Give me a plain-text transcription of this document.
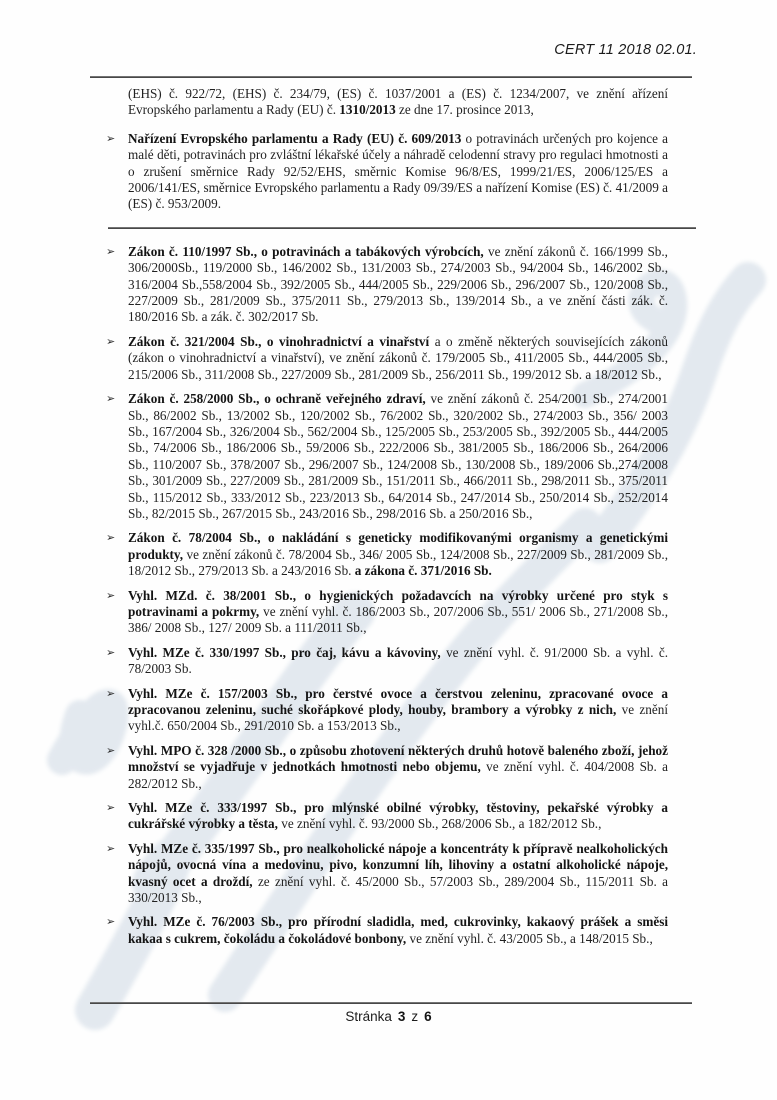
CERT 11 2018 02.01.

(EHS) č. 922/72, (EHS) č. 234/79, (ES) č. 1037/2001 a (ES) č. 1234/2007, ve znění ařízení Evropského parlamentu a Rady (EU) č. 1310/2013 ze dne 17. prosince 2013,

➢ Nařízení Evropského parlamentu a Rady (EU) č. 609/2013 o potravinách určených pro kojence a malé děti, potravinách pro zvláštní lékařské účely a náhradě celodenní stravy pro regulaci hmotnosti a o zrušení směrnice Rady 92/52/EHS, směrnic Komise 96/8/ES, 1999/21/ES, 2006/125/ES a 2006/141/ES, směrnice Evropského parlamentu a Rady 09/39/ES a nařízení Komise (ES) č. 41/2009 a (ES) č. 953/2009.
➢ Zákon č. 110/1997 Sb., o potravinách a tabákových výrobcích, ve znění zákonů č. 166/1999 Sb., 306/2000Sb., 119/2000 Sb., 146/2002 Sb., 131/2003 Sb., 274/2003 Sb., 94/2004 Sb., 146/2002 Sb., 316/2004 Sb.,558/2004 Sb., 392/2005 Sb., 444/2005 Sb., 229/2006 Sb., 296/2007 Sb., 120/2008 Sb., 227/2009 Sb., 281/2009 Sb., 375/2011 Sb., 279/2013 Sb., 139/2014 Sb., a ve znění části zák. č. 180/2016 Sb. a zák. č. 302/2017 Sb.
➢ Zákon č. 321/2004 Sb., o vinohradnictví a vinařství a o změně některých souvisejících zákonů (zákon o vinohradnictví a vinařství), ve znění zákonů č. 179/2005 Sb., 411/2005 Sb., 444/2005 Sb., 215/2006 Sb., 311/2008 Sb., 227/2009 Sb., 281/2009 Sb., 256/2011 Sb., 199/2012 Sb. a 18/2012 Sb.,
➢ Zákon č. 258/2000 Sb., o ochraně veřejného zdraví, ve znění zákonů č. 254/2001 Sb., 274/2001 Sb., 86/2002 Sb., 13/2002 Sb., 120/2002 Sb., 76/2002 Sb., 320/2002 Sb., 274/2003 Sb., 356/ 2003 Sb., 167/2004 Sb., 326/2004 Sb., 562/2004 Sb., 125/2005 Sb., 253/2005 Sb., 392/2005 Sb., 444/2005 Sb., 74/2006 Sb., 186/2006 Sb., 59/2006 Sb., 222/2006 Sb., 381/2005 Sb., 186/2006 Sb., 264/2006 Sb., 110/2007 Sb., 378/2007 Sb., 296/2007 Sb., 124/2008 Sb., 130/2008 Sb., 189/2006 Sb.,274/2008 Sb., 301/2009 Sb., 227/2009 Sb., 281/2009 Sb., 151/2011 Sb., 466/2011 Sb., 298/2011 Sb., 375/2011 Sb., 115/2012 Sb., 333/2012 Sb., 223/2013 Sb., 64/2014 Sb., 247/2014 Sb., 250/2014 Sb., 252/2014 Sb., 82/2015 Sb., 267/2015 Sb., 243/2016 Sb., 298/2016 Sb. a 250/2016 Sb.,
➢ Zákon č. 78/2004 Sb., o nakládání s geneticky modifikovanými organismy a genetickými produkty, ve znění zákonů č. 78/2004 Sb., 346/ 2005 Sb., 124/2008 Sb., 227/2009 Sb., 281/2009 Sb., 18/2012 Sb., 279/2013 Sb. a 243/2016 Sb. a zákona č. 371/2016 Sb.
➢ Vyhl. MZd. č. 38/2001 Sb., o hygienických požadavcích na výrobky určené pro styk s potravinami a pokrmy, ve znění vyhl. č. 186/2003 Sb., 207/2006 Sb., 551/ 2006 Sb., 271/2008 Sb., 386/ 2008 Sb., 127/ 2009 Sb. a 111/2011 Sb.,
➢ Vyhl. MZe č. 330/1997 Sb., pro čaj, kávu a kávoviny, ve znění vyhl. č. 91/2000 Sb. a vyhl. č. 78/2003 Sb.
➢ Vyhl. MZe č. 157/2003 Sb., pro čerstvé ovoce a čerstvou zeleninu, zpracované ovoce a zpracovanou zeleninu, suché skořápkové plody, houby, brambory a výrobky z nich, ve znění vyhl.č. 650/2004 Sb., 291/2010 Sb. a 153/2013 Sb.,
➢ Vyhl. MPO č. 328 /2000 Sb., o způsobu zhotovení některých druhů hotově baleného zboží, jehož množství se vyjadřuje v jednotkách hmotnosti nebo objemu, ve znění vyhl. č. 404/2008 Sb. a 282/2012 Sb.,
➢ Vyhl. MZe č. 333/1997 Sb., pro mlýnské obilné výrobky, těstoviny, pekařské výrobky a cukrářské výrobky a těsta, ve znění vyhl. č. 93/2000 Sb., 268/2006 Sb., a 182/2012 Sb.,
➢ Vyhl. MZe č. 335/1997 Sb., pro nealkoholické nápoje a koncentráty k přípravě nealkoholických nápojů, ovocná vína a medovinu, pivo, konzumní líh, lihoviny a ostatní alkoholické nápoje, kvasný ocet a droždí, ze znění vyhl. č. 45/2000 Sb., 57/2003 Sb., 289/2004 Sb., 115/2011 Sb. a 330/2013 Sb.,
➢ Vyhl. MZe č. 76/2003 Sb., pro přírodní sladidla, med, cukrovinky, kakaový prášek a směsi kakaa s cukrem, čokoládu a čokoládové bonbony, ve znění vyhl. č. 43/2005 Sb., a 148/2015 Sb.,
Stránka 3 z 6
